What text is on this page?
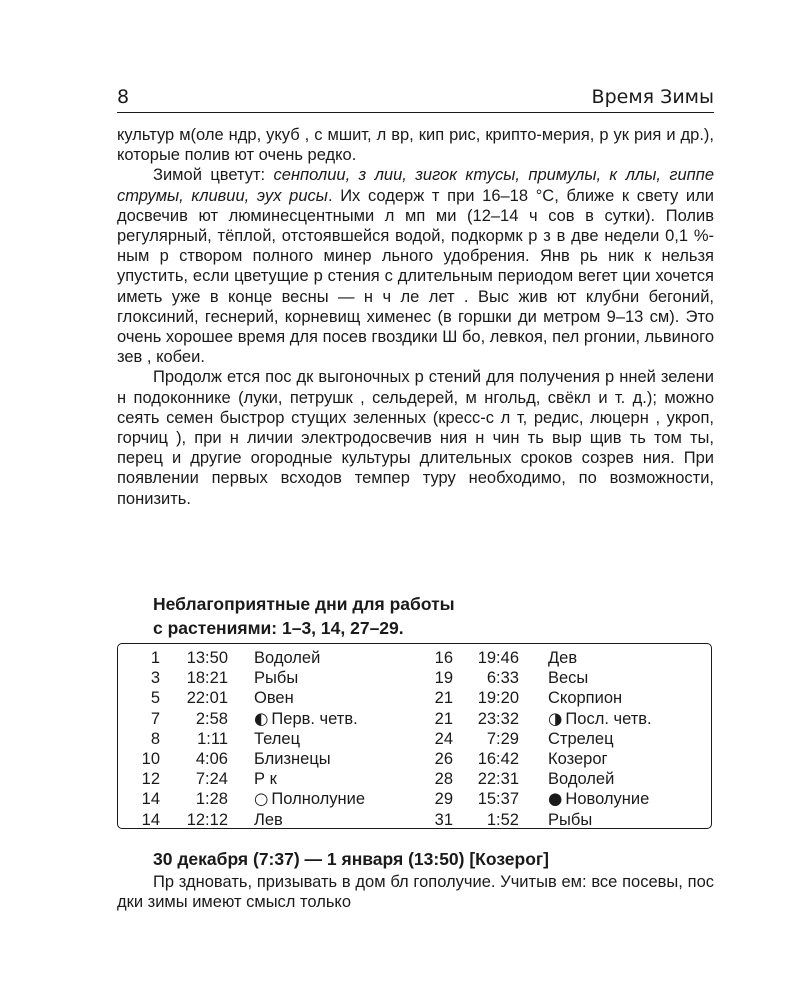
8	Время Зимы

культур м(оле ндр, укуб , с мшит, л вр, кип рис, крипто-мерия, р ук рия и др.), которые полив ют очень редко.

Зимой цветут: сенполии, з лии, зигок ктусы, примулы, к ллы, гиппе струмы, кливии, эух рисы. Их содерж т при 16–18 °С, ближе к свету или досвечив ют люминесцентными л мп ми (12–14 ч сов в сутки). Полив регулярный, тёплой, отстоявшейся водой, подкормк р з в две недели 0,1 %-ным р створом полного минер льного удобрения. Янв рь ник к нельзя упустить, если цветущие р стения с длительным периодом вегет ции хочется иметь уже в конце весны — н ч ле лет . Выс жив ют клубни бегоний, глоксиний, геснерий, корневищ хименес (в горшки ди метром 9–13 см). Это очень хорошее время для посев гвоздики Ш бо, левкоя, пел ргонии, львиного зев , кобеи.

Продолж ется пос дк выгоночных р стений для получения р нней зелени н подоконнике (луки, петрушк , сельдерей, м нгольд, свёкл и т. д.); можно сеять семен быстрор стущих зеленных (кресс-с л т, редис, люцерн , укроп, горчиц ), при н личии электродосвечив ния н чин ть выр щив ть том ты, перец и другие огородные культуры длительных сроков созрев ния. При появлении первых всходов темпер туру необходимо, по возможности, понизить.

Неблагоприятные дни для работы
с растениями: 1–3, 14, 27–29.
1	13:50 Водолей
3	18:21 Рыбы
5	22:01 Овен
7	2:58 ◐ Перв. четв.
8	1:11 Телец
10	4:06 Близнецы
12	7:24 Р к
14	1:28 ○ Полнолуние
14	12:12 Лев
16	19:46 Дев
19	6:33 Весы
21	19:20 Скорпион
21	23:32 ◑ Посл. четв.
24	7:29 Стрелец
26	16:42 Козерог
28	22:31 Водолей
29	15:37 ● Новолуние
31	1:52 Рыбы
30 декабря (7:37) — 1 января (13:50) [Козерог]
Пр здновать, призывать в дом бл гополучие. Учитыв ем: все посевы, пос дки зимы имеют смысл только
